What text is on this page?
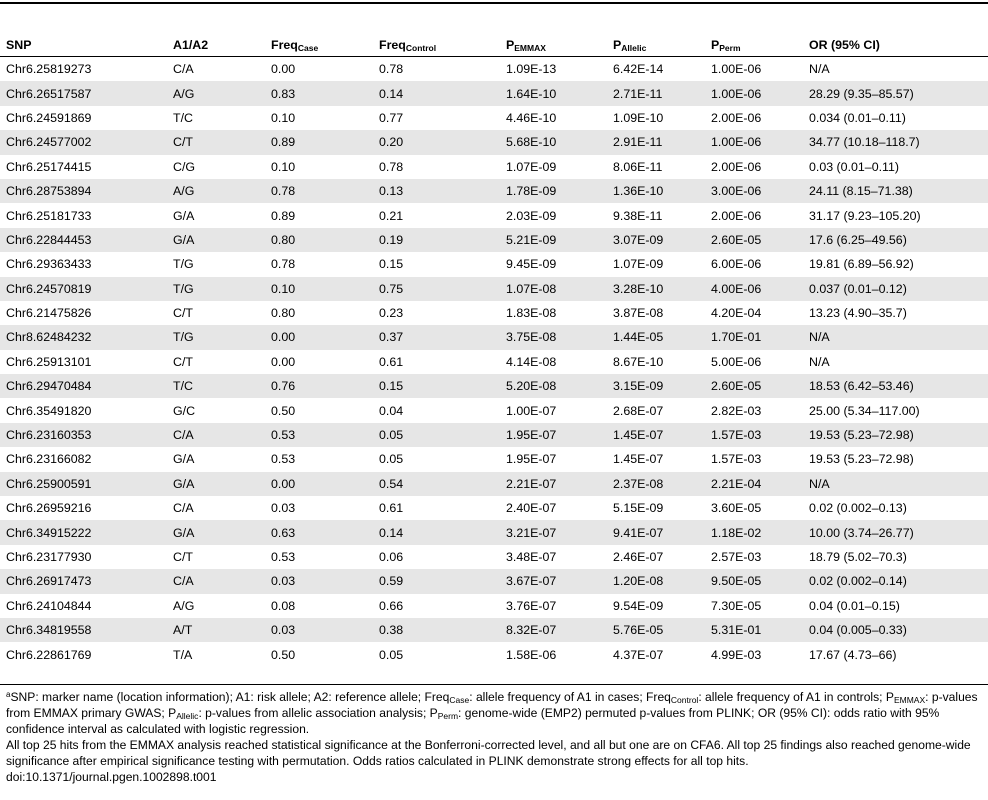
SNP	A1/A2	Freq$_{Case}$	Freq$_{Control}$	$P_{EMMAX}$	$P_{Allelic}$	$P_{Perm}$	OR (95% CI)
Chr6.25819273	C/A	0.00	0.78	1.09E-13	6.42E-14	1.00E-06	N/A
Chr6.26517587	A/G	0.83	0.14	1.64E-10	2.71E-11	1.00E-06	28.29 (9.35–85.57)
Chr6.24591869	T/C	0.10	0.77	4.46E-10	1.09E-10	2.00E-06	0.034 (0.01–0.11)
Chr6.24577002	C/T	0.89	0.20	5.68E-10	2.91E-11	1.00E-06	34.77 (10.18–118.7)
Chr6.25174415	C/G	0.10	0.78	1.07E-09	8.06E-11	2.00E-06	0.03 (0.01–0.11)
Chr6.28753894	A/G	0.78	0.13	1.78E-09	1.36E-10	3.00E-06	24.11 (8.15–71.38)
Chr6.25181733	G/A	0.89	0.21	2.03E-09	9.38E-11	2.00E-06	31.17 (9.23–105.20)
Chr6.22844453	G/A	0.80	0.19	5.21E-09	3.07E-09	2.60E-05	17.6 (6.25–49.56)
Chr6.29363433	T/G	0.78	0.15	9.45E-09	1.07E-09	6.00E-06	19.81 (6.89–56.92)
Chr6.24570819	T/G	0.10	0.75	1.07E-08	3.28E-10	4.00E-06	0.037 (0.01–0.12)
Chr6.21475826	C/T	0.80	0.23	1.83E-08	3.87E-08	4.20E-04	13.23 (4.90–35.7)
Chr8.62484232	T/G	0.00	0.37	3.75E-08	1.44E-05	1.70E-01	N/A
Chr6.25913101	C/T	0.00	0.61	4.14E-08	8.67E-10	5.00E-06	N/A
Chr6.29470484	T/C	0.76	0.15	5.20E-08	3.15E-09	2.60E-05	18.53 (6.42–53.46)
Chr6.35491820	G/C	0.50	0.04	1.00E-07	2.68E-07	2.82E-03	25.00 (5.34–117.00)
Chr6.23160353	C/A	0.53	0.05	1.95E-07	1.45E-07	1.57E-03	19.53 (5.23–72.98)
Chr6.23166082	G/A	0.53	0.05	1.95E-07	1.45E-07	1.57E-03	19.53 (5.23–72.98)
Chr6.25900591	G/A	0.00	0.54	2.21E-07	2.37E-08	2.21E-04	N/A
Chr6.26959216	C/A	0.03	0.61	2.40E-07	5.15E-09	3.60E-05	0.02 (0.002–0.13)
Chr6.34915222	G/A	0.63	0.14	3.21E-07	9.41E-07	1.18E-02	10.00 (3.74–26.77)
Chr6.23177930	C/T	0.53	0.06	3.48E-07	2.46E-07	2.57E-03	18.79 (5.02–70.3)
Chr6.26917473	C/A	0.03	0.59	3.67E-07	1.20E-08	9.50E-05	0.02 (0.002–0.14)
Chr6.24104844	A/G	0.08	0.66	3.76E-07	9.54E-09	7.30E-05	0.04 (0.01–0.15)
Chr6.34819558	A/T	0.03	0.38	8.32E-07	5.76E-05	5.31E-01	0.04 (0.005–0.33)
Chr6.22861769	T/A	0.50	0.05	1.58E-06	4.37E-07	4.99E-03	17.67 (4.73–66)

$^a$SNP: marker name (location information); A1: risk allele; A2: reference allele; Freq$_{Case}$: allele frequency of A1 in cases; Freq$_{Control}$: allele frequency of A1 in controls; $P_{EMMAX}$: p-values from EMMAX primary GWAS; $P_{Allelic}$: p-values from allelic association analysis; $P_{Perm}$: genome-wide (EMP2) permuted p-values from PLINK; OR (95% CI): odds ratio with 95% confidence interval as calculated with logistic regression.

All top 25 hits from the EMMAX analysis reached statistical significance at the Bonferroni-corrected level, and all but one are on CFA6. All top 25 findings also reached genome-wide significance after empirical significance testing with permutation. Odds ratios calculated in PLINK demonstrate strong effects for all top hits.

doi:10.1371/journal.pgen.1002898.t001
